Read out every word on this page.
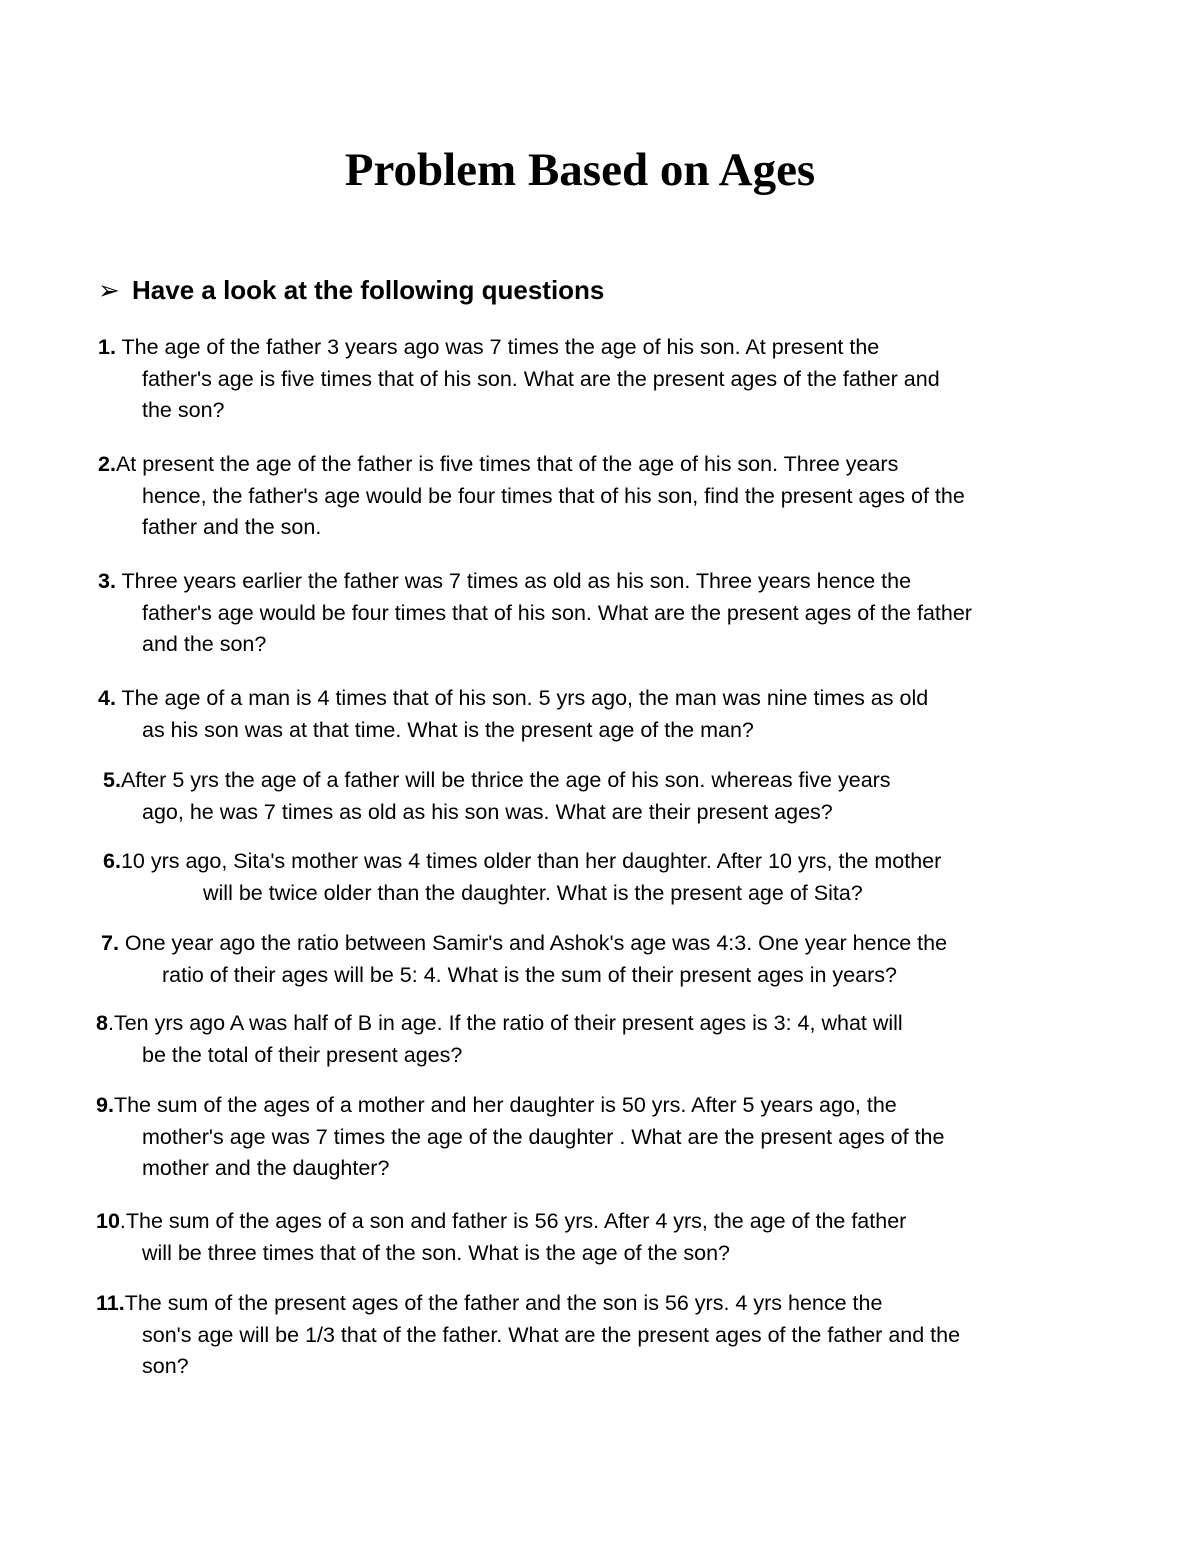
Problem Based on Ages
➢ Have a look at the following questions
1. The age of the father 3 years ago was 7 times the age of his son. At present the
father's age is five times that of his son. What are the present ages of the father and
the son?
2.At present the age of the father is five times that of the age of his son. Three years
hence, the father's age would be four times that of his son, find the present ages of the
father and the son.
3. Three years earlier the father was 7 times as old as his son. Three years hence the
father's age would be four times that of his son. What are the present ages of the father
and the son?
4. The age of a man is 4 times that of his son. 5 yrs ago, the man was nine times as old
as his son was at that time. What is the present age of the man?
5.After 5 yrs the age of a father will be thrice the age of his son. whereas five years
ago, he was 7 times as old as his son was. What are their present ages?
6.10 yrs ago, Sita's mother was 4 times older than her daughter. After 10 yrs, the mother
will be twice older than the daughter. What is the present age of Sita?
7. One year ago the ratio between Samir's and Ashok's age was 4:3. One year hence the
ratio of their ages will be 5: 4. What is the sum of their present ages in years?
8.Ten yrs ago A was half of B in age. If the ratio of their present ages is 3: 4, what will
be the total of their present ages?
9.The sum of the ages of a mother and her daughter is 50 yrs. After 5 years ago, the
mother's age was 7 times the age of the daughter . What are the present ages of the
mother and the daughter?
10.The sum of the ages of a son and father is 56 yrs. After 4 yrs, the age of the father
will be three times that of the son. What is the age of the son?
11.The sum of the present ages of the father and the son is 56 yrs. 4 yrs hence the
son's age will be 1/3 that of the father. What are the present ages of the father and the
son?
